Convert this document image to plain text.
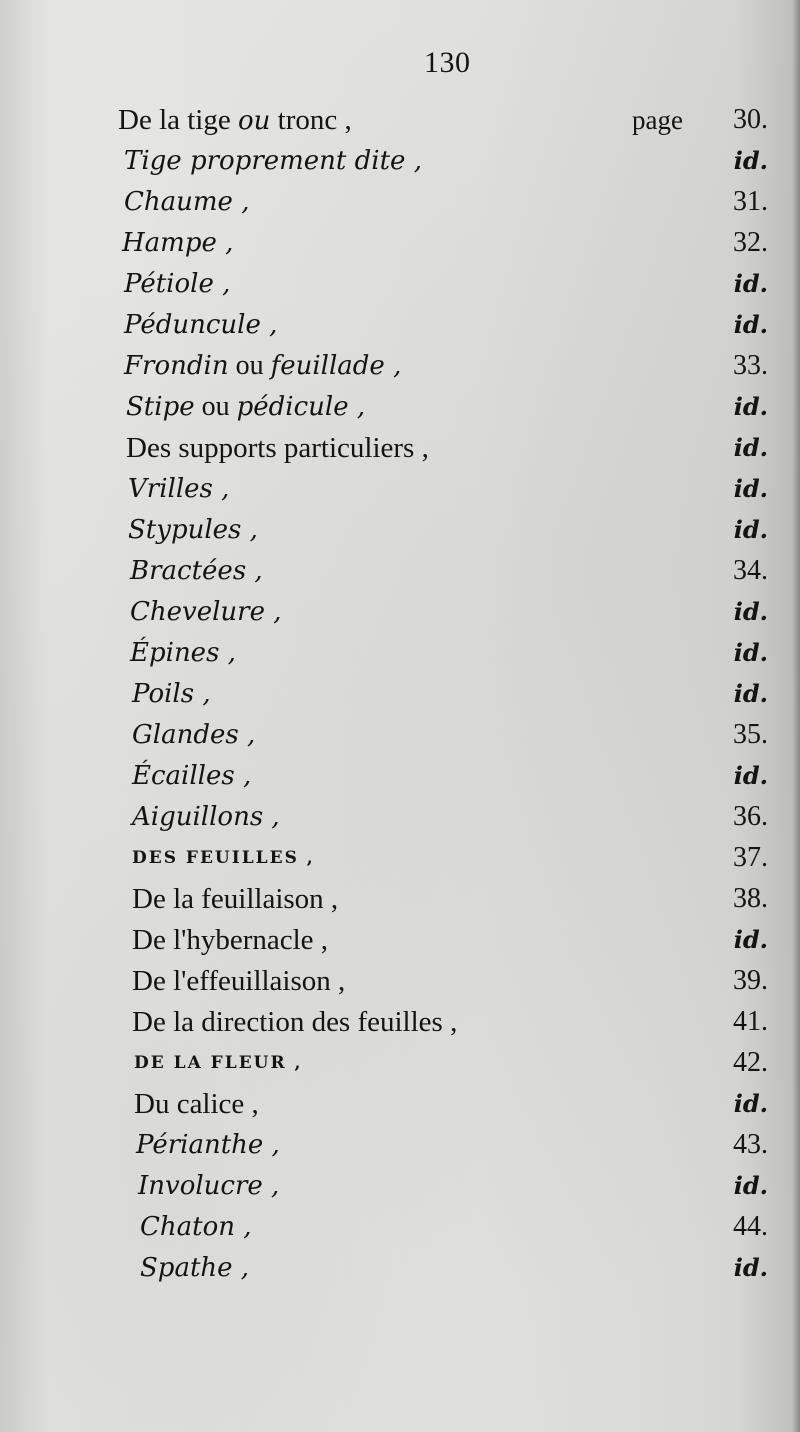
130
De la tige ou tronc ,	page 30.
Tige proprement dite ,	id.
Chaume ,	31.
Hampe ,	32.
Pétiole ,	id.
Péduncule ,	id.
Frondin ou feuillade ,	33.
Stipe ou pédicule ,	id.
Des supports particuliers ,	id.
Vrilles ,	id.
Stypules ,	id.
Bractées ,	34.
Chevelure ,	id.
Épines ,	id.
Poils ,	id.
Glandes ,	35.
Écailles ,	id.
Aiguillons ,	36.
DES FEUILLES ,	37.
De la feuillaison ,	38.
De l'hybernacle ,	id.
De l'effeuillaison ,	39.
De la direction des feuilles ,	41.
DE LA FLEUR ,	42.
Du calice ,	id.
Périanthe ,	43.
Involucre ,	id.
Chaton ,	44.
Spathe ,	id.
